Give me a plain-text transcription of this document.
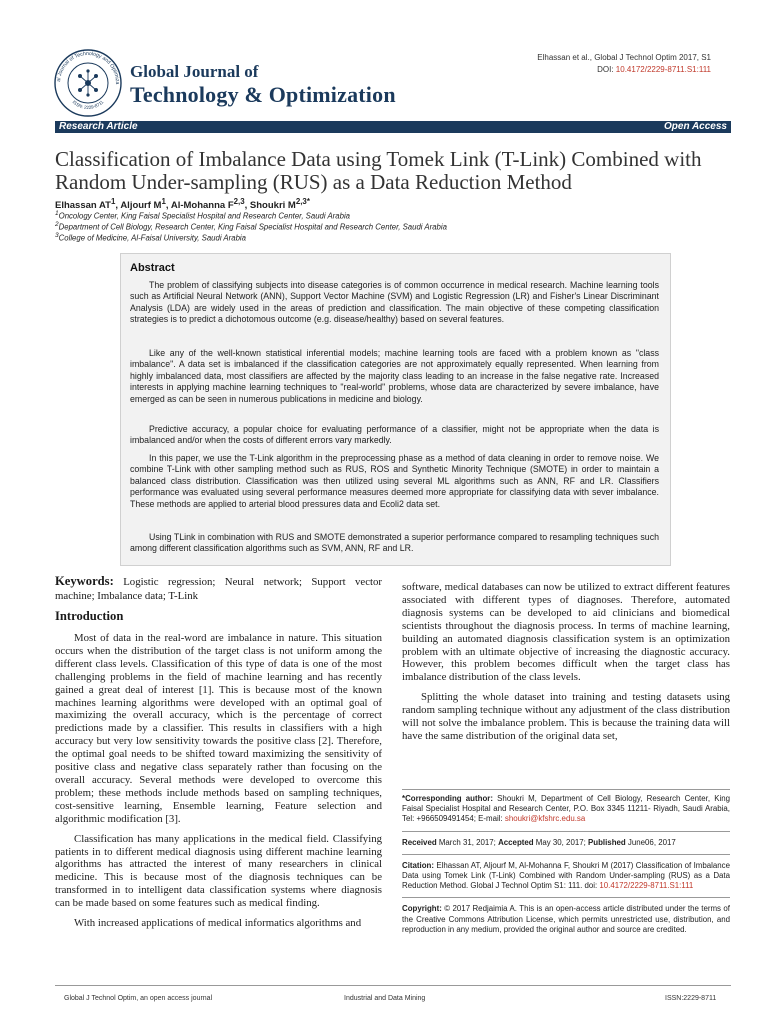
al Journal of Technology and Optimiza
ISSN: 2229-8711
Global Journal of
Technology & Optimization
Elhassan et al., Global J Technol Optim 2017, S1
DOI: 10.4172/2229-8711.S1:111
Research Article	Open Access
Classification of Imbalance Data using Tomek Link (T-Link) Combined with
Random Under-sampling (RUS) as a Data Reduction Method
Elhassan $AT^1$, Aljourf $M^1$, Al-Mohanna F$^{2,3}$, Shoukri $M^{2,3*}$
$^1$Oncology Center, King Faisal Specialist Hospital and Research Center, Saudi Arabia
$^2$Department of Cell Biology, Research Center, King Faisal Specialist Hospital and Research Center, Saudi Arabia
$^3$College of Medicine, Al-Faisal University, Saudi Arabia
Abstract

The problem of classifying subjects into disease categories is of common occurrence in medical research. Machine learning tools such as Artificial Neural Network (ANN), Support Vector Machine (SVM) and Logistic Regression (LR) and Fisher's Linear Discriminant Analysis (LDA) are widely used in the areas of prediction and classification. The main objective of these competing classification strategies is to predict a dichotomous outcome (e.g. disease/healthy) based on several features.

Like any of the well-known statistical inferential models; machine learning tools are faced with a problem known as "class imbalance". A data set is imbalanced if the classification categories are not approximately equally represented. When learning from highly imbalanced data, most classifiers are affected by the majority class leading to an increase in the false negative rate. Increased interests in applying machine learning techniques to "real-world" problems, whose data are characterized by severe imbalance, have emerged as can be seen in numerous publications in medicine and biology.

Predictive accuracy, a popular choice for evaluating performance of a classifier, might not be appropriate when the data is imbalanced and/or when the costs of different errors vary markedly.

In this paper, we use the T-Link algorithm in the preprocessing phase as a method of data cleaning in order to remove noise. We combine T-Link with other sampling method such as RUS, ROS and Synthetic Minority Technique (SMOTE) in order to maintain a balanced class distribution. Classification was then utilized using several ML algorithms such as ANN, RF and LR. Classifiers performance was evaluated using several performance measures deemed more appropriate for classifying data with sever imbalance. These methods are applied to arterial blood pressures data and Ecoli2 data set.

Using TLink in combination with RUS and SMOTE demonstrated a superior performance compared to resampling techniques such among different classification algorithms such as SVM, ANN, RF and LR.

Keywords: Logistic regression; Neural network; Support vector machine; Imbalance data; T-Link
Introduction

Most of data in the real-word are imbalance in nature. This situation occurs when the distribution of the target class is not uniform among the different class levels. Classification of this type of data is one of the most challenging problems in the field of machine learning and has recently gained a great deal of interest [1]. This is because most of the known machines learning algorithms were developed with an optimal goal of maximizing the overall accuracy, which is the percentage of correct predictions made by a classifier. This results in classifiers with a high accuracy but very low sensitivity towards the positive class [2]. Therefore, the optimal goal needs to be shifted toward maximizing the sensitivity of positive class and negative class separately rather than focusing on the overall accuracy. Several methods were developed to overcome this problem; these methods include methods based on sampling techniques, cost-sensitive learning, Ensemble learning, Feature selection and algorithmic modification [3].

Classification has many applications in the medical field. Classifying patients in to different medical diagnosis using different machine learning algorithms has attracted the interest of many researchers in clinical medicine. This is because most of the diagnosis techniques can be transformed in to intelligent data classification systems where diagnosis can be made based on some features such as medical finding.

With increased applications of medical informatics algorithms and

software, medical databases can now be utilized to extract different features associated with different types of diagnoses. Therefore, automated diagnosis systems can be developed to aid clinicians and biomedical scientists throughout the diagnosis process. In terms of machine learning, building an automated diagnosis classification system is an optimization problem with an ultimate objective of increasing the diagnostic accuracy. However, this problem becomes difficult when the target class has imbalance distribution of the class levels.

Splitting the whole dataset into training and testing datasets using random sampling technique without any adjustment of the class distribution will not solve the imbalance problem. This is because the training data will have the same distribution of the original data set,

*Corresponding author: Shoukri M, Department of Cell Biology, Research Center, King Faisal Specialist Hospital and Research Center, P.O. Box 3345 11211- Riyadh, Saudi Arabia, Tel: +966509491454; E-mail: shoukri@kfshrc.edu.sa

Received March 31, 2017; Accepted May 30, 2017; Published June06, 2017

Citation: Elhassan AT, Aljourf M, Al-Mohanna F, Shoukri M (2017) Classification of Imbalance Data using Tomek Link (T-Link) Combined with Random Under-sampling (RUS) as a Data Reduction Method. Global J Technol Optim S1: 111. doi: 10.4172/2229-8711.S1:111

Copyright: © 2017 Redjaimia A. This is an open-access article distributed under the terms of the Creative Commons Attribution License, which permits unrestricted use, distribution, and reproduction in any medium, provided the original author and source are credited.

Global J Technol Optim, an open access journal	Industrial and Data Mining	ISSN:2229-8711
